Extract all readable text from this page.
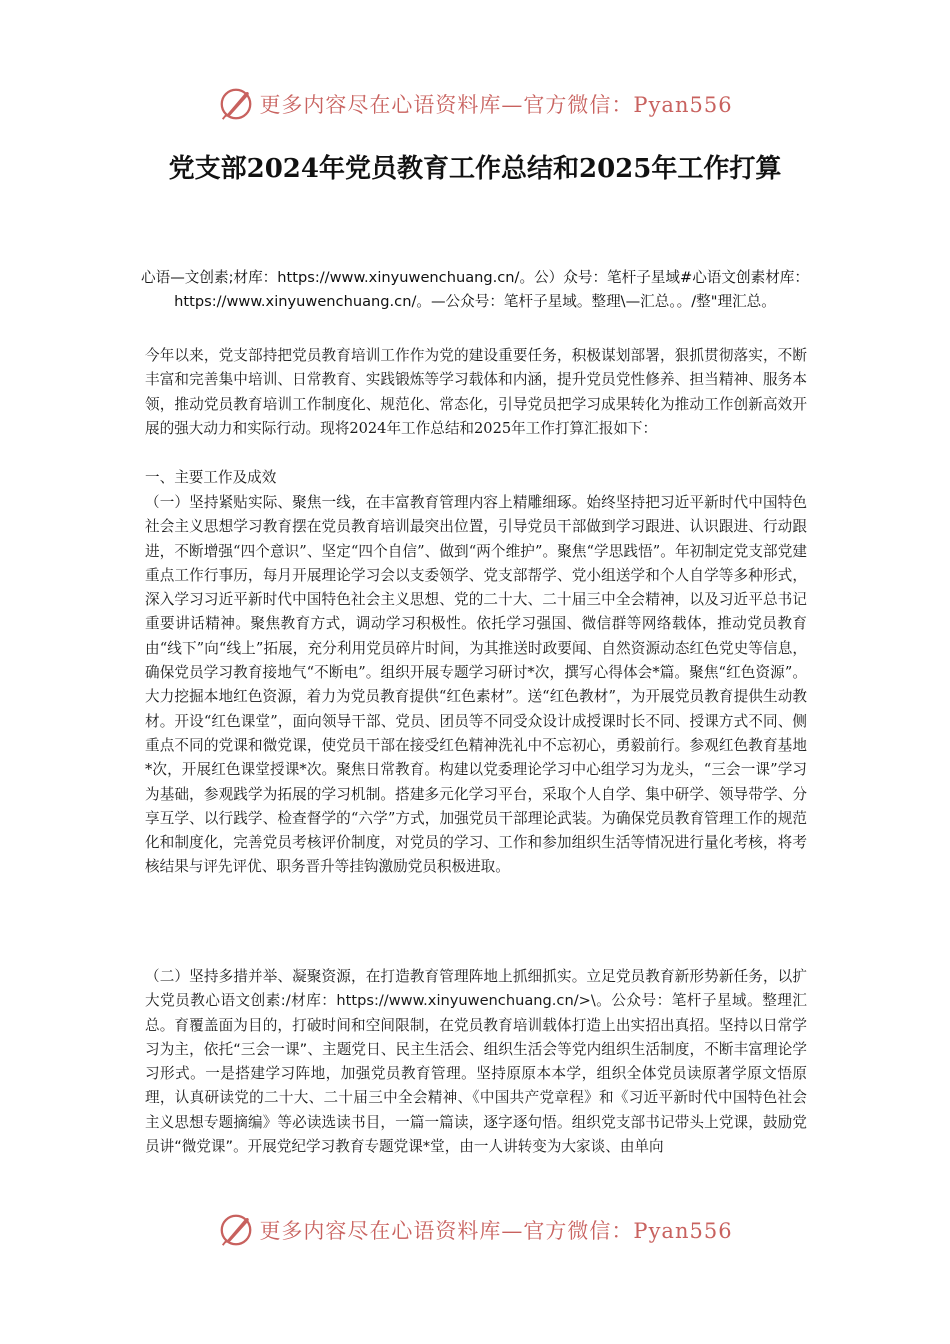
更多内容尽在心语资料库—官方微信：Pyan556
党支部2024年党员教育工作总结和2025年工作打算
心语—文创素;材库：https://www.xinyuwenchuang.cn/。公）众号：笔杆子星域#心语文创素材库：https://www.xinyuwenchuang.cn/。—公众号：笔杆子星域。整理\—汇总。。/整"理汇总。

今年以来，党支部持把党员教育培训工作作为党的建设重要任务，积极谋划部署，狠抓贯彻落实，不断丰富和完善集中培训、日常教育、实践锻炼等学习载体和内涵，提升党员党性修养、担当精神、服务本领，推动党员教育培训工作制度化、规范化、常态化，引导党员把学习成果转化为推动工作创新高效开展的强大动力和实际行动。现将2024年工作总结和2025年工作打算汇报如下：

一、主要工作及成效

（一）坚持紧贴实际、聚焦一线，在丰富教育管理内容上精雕细琢。始终坚持把习近平新时代中国特色社会主义思想学习教育摆在党员教育培训最突出位置，引导党员干部做到学习跟进、认识跟进、行动跟进，不断增强“四个意识”、坚定“四个自信”、做到“两个维护”。聚焦“学思践悟”。年初制定党支部党建重点工作行事历，每月开展理论学习会以支委领学、党支部帮学、党小组送学和个人自学等多种形式，深入学习习近平新时代中国特色社会主义思想、党的二十大、二十届三中全会精神，以及习近平总书记重要讲话精神。聚焦教育方式，调动学习积极性。依托学习强国、微信群等网络载体，推动党员教育由“线下”向“线上”拓展，充分利用党员碎片时间，为其推送时政要闻、自然资源动态红色党史等信息，确保党员学习教育接地气“不断电”。组织开展专题学习研讨*次，撰写心得体会*篇。聚焦“红色资源”。大力挖掘本地红色资源，着力为党员教育提供“红色素材”。送“红色教材”，为开展党员教育提供生动教材。开设“红色课堂”，面向领导干部、党员、团员等不同受众设计成授课时长不同、授课方式不同、侧重点不同的党课和微党课，使党员干部在接受红色精神洗礼中不忘初心，勇毅前行。参观红色教育基地*次，开展红色课堂授课*次。聚焦日常教育。构建以党委理论学习中心组学习为龙头，“三会一课”学习为基础，参观践学为拓展的学习机制。搭建多元化学习平台，采取个人自学、集中研学、领导带学、分享互学、以行践学、检查督学的“六学”方式，加强党员干部理论武装。为确保党员教育管理工作的规范化和制度化，完善党员考核评价制度，对党员的学习、工作和参加组织生活等情况进行量化考核，将考核结果与评先评优、职务晋升等挂钩激励党员积极进取。

（二）坚持多措并举、凝聚资源，在打造教育管理阵地上抓细抓实。立足党员教育新形势新任务，以扩大党员教心语文创素:/材库：https://www.xinyuwenchuang.cn/>\。公众号：笔杆子星域。整理汇总。育覆盖面为目的，打破时间和空间限制，在党员教育培训载体打造上出实招出真招。坚持以日常学习为主，依托“三会一课”、主题党日、民主生活会、组织生活会等党内组织生活制度，不断丰富理论学习形式。一是搭建学习阵地，加强党员教育管理。坚持原原本本学，组织全体党员读原著学原文悟原理，认真研读党的二十大、二十届三中全会精神、《中国共产党章程》和《习近平新时代中国特色社会主义思想专题摘编》等必读选读书目，一篇一篇读，逐字逐句悟。组织党支部书记带头上党课，鼓励党员讲“微党课”。开展党纪学习教育专题党课*堂，由一人讲转变为大家谈、由单向

更多内容尽在心语资料库—官方微信：Pyan556
